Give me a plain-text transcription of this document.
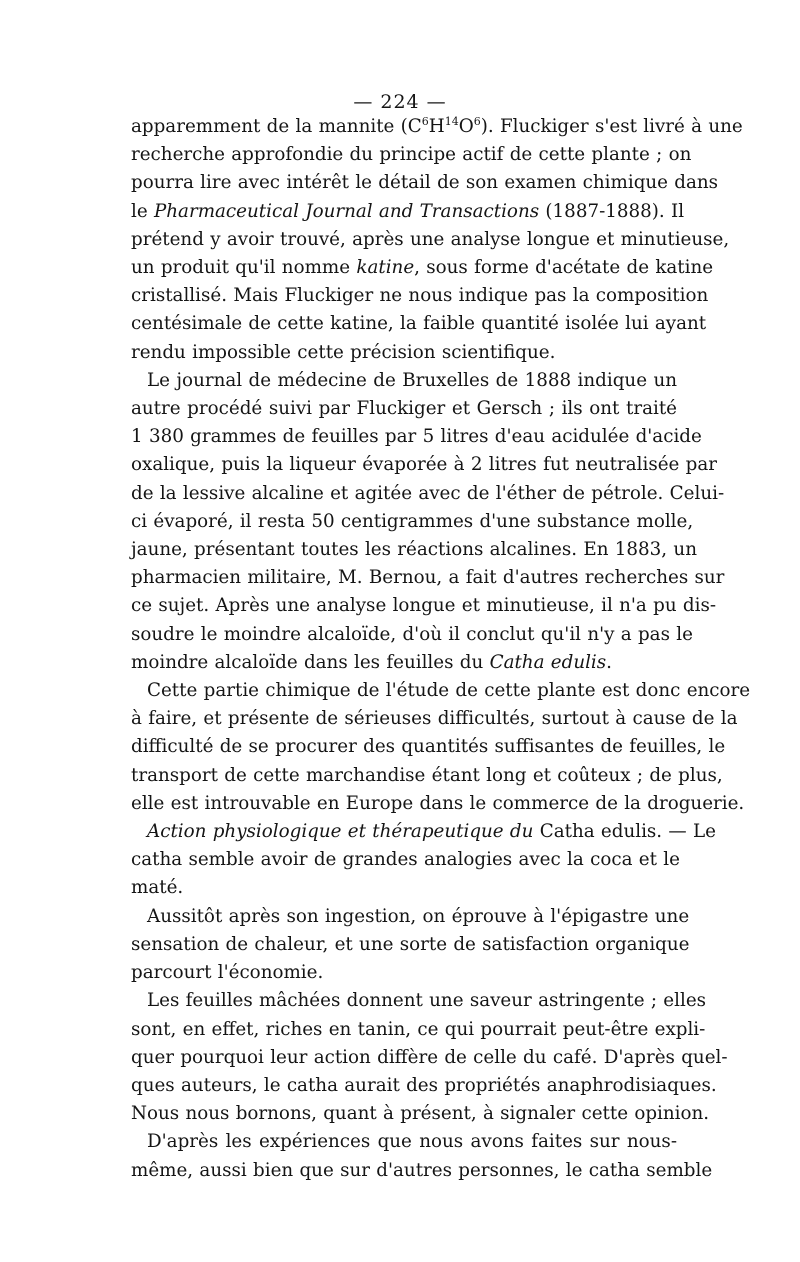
— 224 —

apparemment de la mannite $(C^6H^{14}O^6)$. Fluckiger s'est livré à une
recherche approfondie du principe actif de cette plante ; on
pourra lire avec intérêt le détail de son examen chimique dans
le Pharmaceutical Journal and Transactions (1887-1888). Il
prétend y avoir trouvé, après une analyse longue et minutieuse,
un produit qu'il nomme katine, sous forme d'acétate de katine
cristallisé. Mais Fluckiger ne nous indique pas la composition
centésimale de cette katine, la faible quantité isolée lui ayant
rendu impossible cette précision scientifique.

Le journal de médecine de Bruxelles de 1888 indique un
autre procédé suivi par Fluckiger et Gersch ; ils ont traité
1 380 grammes de feuilles par 5 litres d'eau acidulée d'acide
oxalique, puis la liqueur évaporée à 2 litres fut neutralisée par
de la lessive alcaline et agitée avec de l'éther de pétrole. Celui-
ci évaporé, il resta 50 centigrammes d'une substance molle,
jaune, présentant toutes les réactions alcalines. En 1883, un
pharmacien militaire, M. Bernou, a fait d'autres recherches sur
ce sujet. Après une analyse longue et minutieuse, il n'a pu dis-
soudre le moindre alcaloïde, d'où il conclut qu'il n'y a pas le
moindre alcaloïde dans les feuilles du Catha edulis.

Cette partie chimique de l'étude de cette plante est donc encore
à faire, et présente de sérieuses difficultés, surtout à cause de la
difficulté de se procurer des quantités suffisantes de feuilles, le
transport de cette marchandise étant long et coûteux ; de plus,
elle est introuvable en Europe dans le commerce de la droguerie.

Action physiologique et thérapeutique du Catha edulis. — Le
catha semble avoir de grandes analogies avec la coca et le
maté.

Aussitôt après son ingestion, on éprouve à l'épigastre une
sensation de chaleur, et une sorte de satisfaction organique
parcourt l'économie.

Les feuilles mâchées donnent une saveur astringente ; elles
sont, en effet, riches en tanin, ce qui pourrait peut-être expli-
quer pourquoi leur action diffère de celle du café. D'après quel-
ques auteurs, le catha aurait des propriétés anaphrodisiaques.
Nous nous bornons, quant à présent, à signaler cette opinion.

D'après les expériences que nous avons faites sur nous-
même, aussi bien que sur d'autres personnes, le catha semble
